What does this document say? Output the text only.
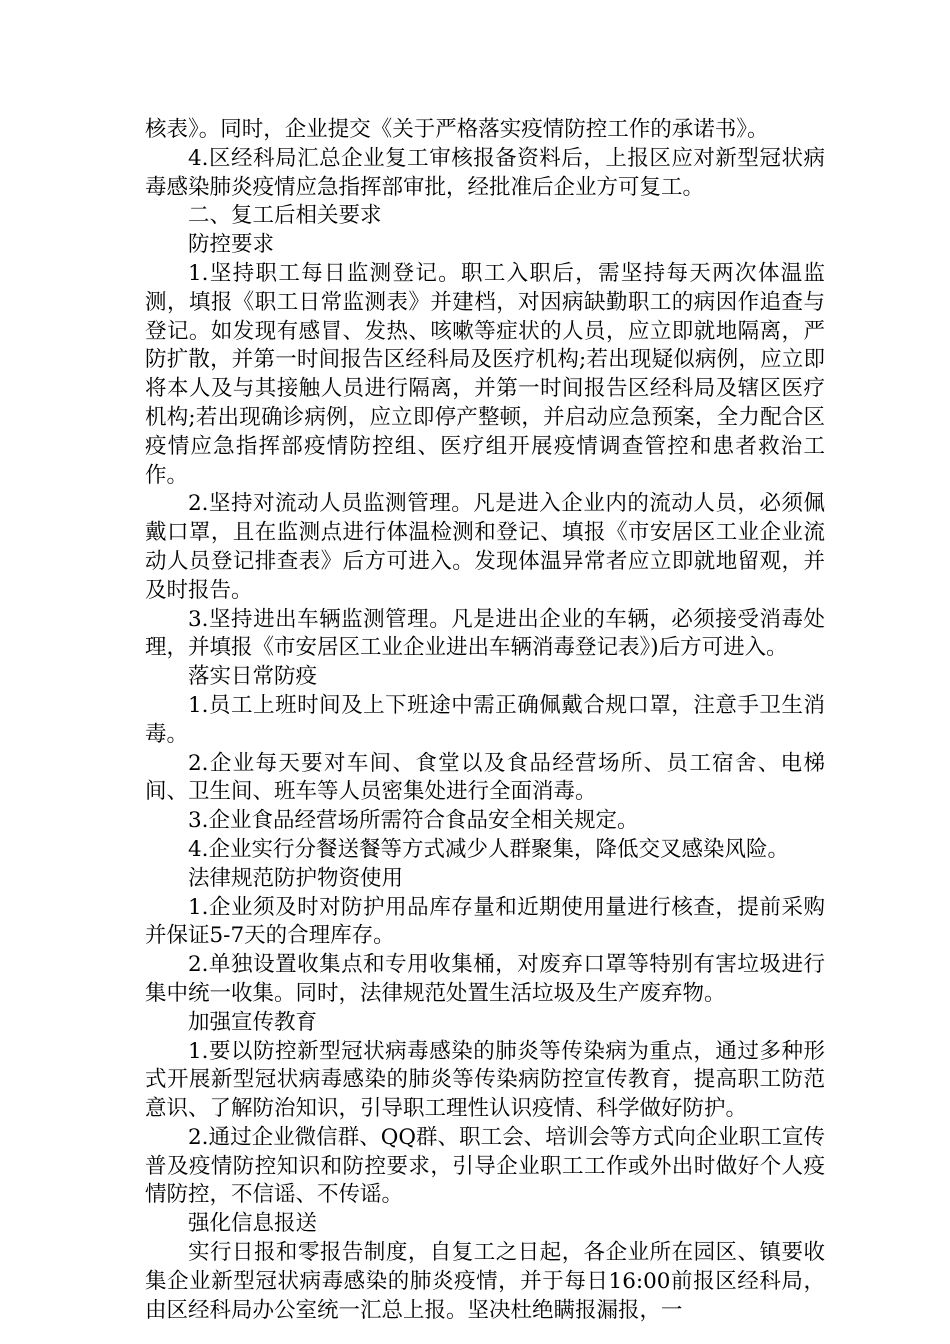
核表》。同时，企业提交《关于严格落实疫情防控工作的承诺书》。

4.区经科局汇总企业复工审核报备资料后，上报区应对新型冠状病毒感染肺炎疫情应急指挥部审批，经批准后企业方可复工。

二、复工后相关要求

防控要求

1.坚持职工每日监测登记。职工入职后，需坚持每天两次体温监测，填报《职工日常监测表》并建档，对因病缺勤职工的病因作追查与登记。如发现有感冒、发热、咳嗽等症状的人员，应立即就地隔离，严防扩散，并第一时间报告区经科局及医疗机构;若出现疑似病例，应立即将本人及与其接触人员进行隔离，并第一时间报告区经科局及辖区医疗机构;若出现确诊病例，应立即停产整顿，并启动应急预案，全力配合区疫情应急指挥部疫情防控组、医疗组开展疫情调查管控和患者救治工作。

2.坚持对流动人员监测管理。凡是进入企业内的流动人员，必须佩戴口罩，且在监测点进行体温检测和登记、填报《市安居区工业企业流动人员登记排查表》后方可进入。发现体温异常者应立即就地留观，并及时报告。

3.坚持进出车辆监测管理。凡是进出企业的车辆，必须接受消毒处理，并填报《市安居区工业企业进出车辆消毒登记表》)后方可进入。

落实日常防疫

1.员工上班时间及上下班途中需正确佩戴合规口罩，注意手卫生消毒。

2.企业每天要对车间、食堂以及食品经营场所、员工宿舍、电梯间、卫生间、班车等人员密集处进行全面消毒。

3.企业食品经营场所需符合食品安全相关规定。

4.企业实行分餐送餐等方式减少人群聚集，降低交叉感染风险。

法律规范防护物资使用

1.企业须及时对防护用品库存量和近期使用量进行核查，提前采购并保证5-7天的合理库存。

2.单独设置收集点和专用收集桶，对废弃口罩等特别有害垃圾进行集中统一收集。同时，法律规范处置生活垃圾及生产废弃物。

加强宣传教育

1.要以防控新型冠状病毒感染的肺炎等传染病为重点，通过多种形式开展新型冠状病毒感染的肺炎等传染病防控宣传教育，提高职工防范意识、了解防治知识，引导职工理性认识疫情、科学做好防护。

2.通过企业微信群、QQ群、职工会、培训会等方式向企业职工宣传普及疫情防控知识和防控要求，引导企业职工工作或外出时做好个人疫情防控，不信谣、不传谣。

强化信息报送

实行日报和零报告制度，自复工之日起，各企业所在园区、镇要收集企业新型冠状病毒感染的肺炎疫情，并于每日16:00前报区经科局，由区经科局办公室统一汇总上报。坚决杜绝瞒报漏报，一
